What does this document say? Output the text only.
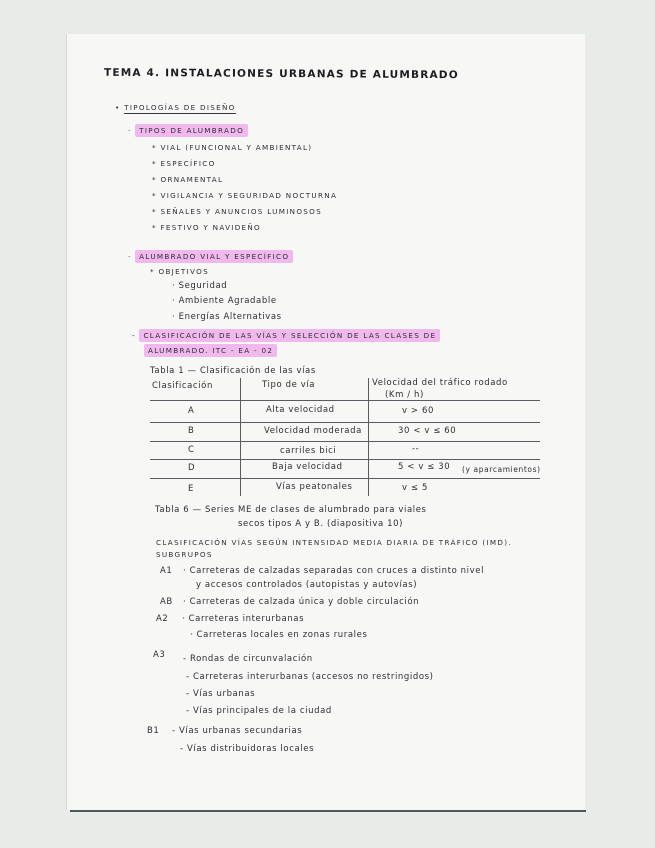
TEMA 4. INSTALACIONES URBANAS DE ALUMBRADO
• TIPOLOGÍAS DE DISEÑO
· TIPOS DE ALUMBRADO
* VIAL (FUNCIONAL Y AMBIENTAL)
* ESPECÍFICO
* ORNAMENTAL
* VIGILANCIA Y SEGURIDAD NOCTURNA
* SEÑALES Y ANUNCIOS LUMINOSOS
* FESTIVO Y NAVIDEÑO
· ALUMBRADO VIAL Y ESPECÍFICO
* OBJETIVOS
· Seguridad
· Ambiente Agradable
· Energías Alternativas
- CLASIFICACIÓN DE LAS VÍAS Y SELECCIÓN DE LAS CLASES DE
ALUMBRADO. ITC - EA - 02
Tabla 1 — Clasificación de las vías
Clasificación	Tipo de vía	Velocidad del tráfico rodado
(Km / h)
A	Alta velocidad	v > 60
B	Velocidad moderada	30 < v ≤ 60
C	carriles bici	--
D	Baja velocidad	5 < v ≤ 30 (y aparcamientos)
E	Vías peatonales	v ≤ 5
Tabla 6 — Series ME de clases de alumbrado para viales
secos tipos A y B. (diapositiva 10)
CLASIFICACIÓN VÍAS SEGÚN INTENSIDAD MEDIA DIARIA DE TRÁFICO (IMD).
SUBGRUPOS
A1 · Carreteras de calzadas separadas con cruces a distinto nivel
y accesos controlados (autopistas y autovías)
AB · Carreteras de calzada única y doble circulación
A2 · Carreteras interurbanas
· Carreteras locales en zonas rurales
A3 - Rondas de circunvalación
- Carreteras interurbanas (accesos no restringidos)
- Vías urbanas
- Vías principales de la ciudad
B1 - Vías urbanas secundarias
- Vías distribuidoras locales
